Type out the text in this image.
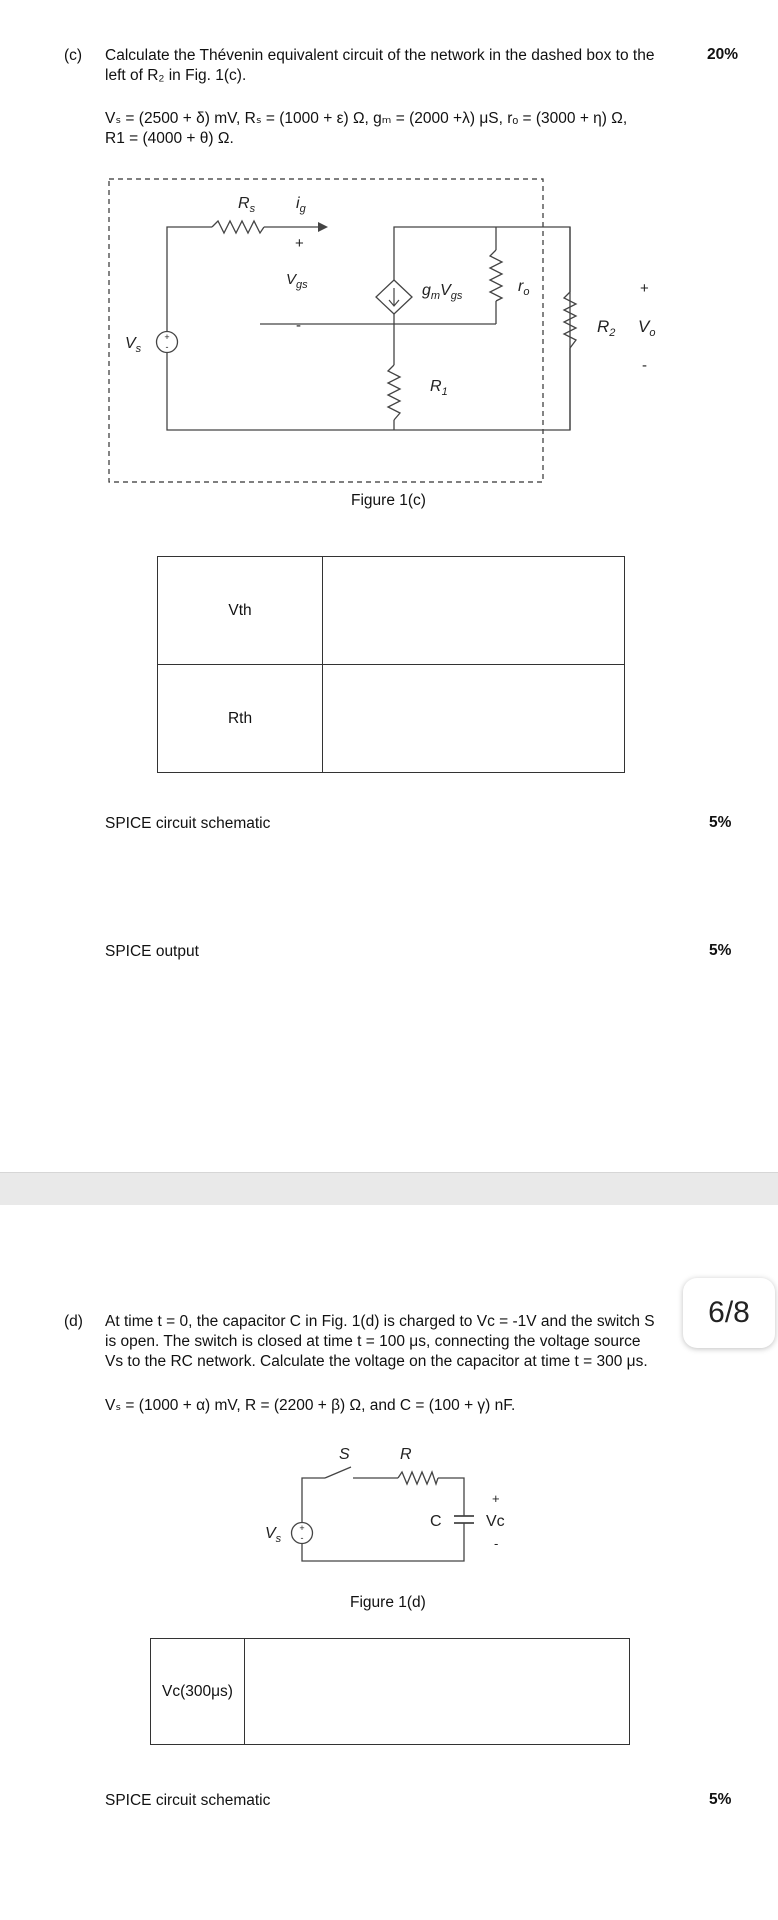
(c) Calculate the Thévenin equivalent circuit of the network in the dashed box to the
left of R₂ in Fig. 1(c).
20%
Vₛ = (2500 + δ) mV, Rₛ = (1000 + ε) Ω, gₘ = (2000 +λ) μS, rₒ = (3000 + η) Ω,
R1 = (4000 + θ) Ω.
+
-
$R_s$	$i_g$
+
$V_{gs}$
-
$g_mV_{gs}$
$r_o$
$V_s$
$R_1$
$R_2$
+
$V_o$
-
Figure 1(c)
Vth	
Rth	
SPICE circuit schematic	5%
SPICE output	5%
(d) At time t = 0, the capacitor C in Fig. 1(d) is charged to Vc = -1V and the switch S
is open. The switch is closed at time t = 100 μs, connecting the voltage source
Vs to the RC network. Calculate the voltage on the capacitor at time t = 300 μs.
Vₛ = (1000 + α) mV, R = (2200 + β) Ω, and C = (100 + γ) nF.
+
-
S	R
$V_s$
C
+
Vc
-
Figure 1(d)
Vc(300μs)	
SPICE circuit schematic	5%
6/8
